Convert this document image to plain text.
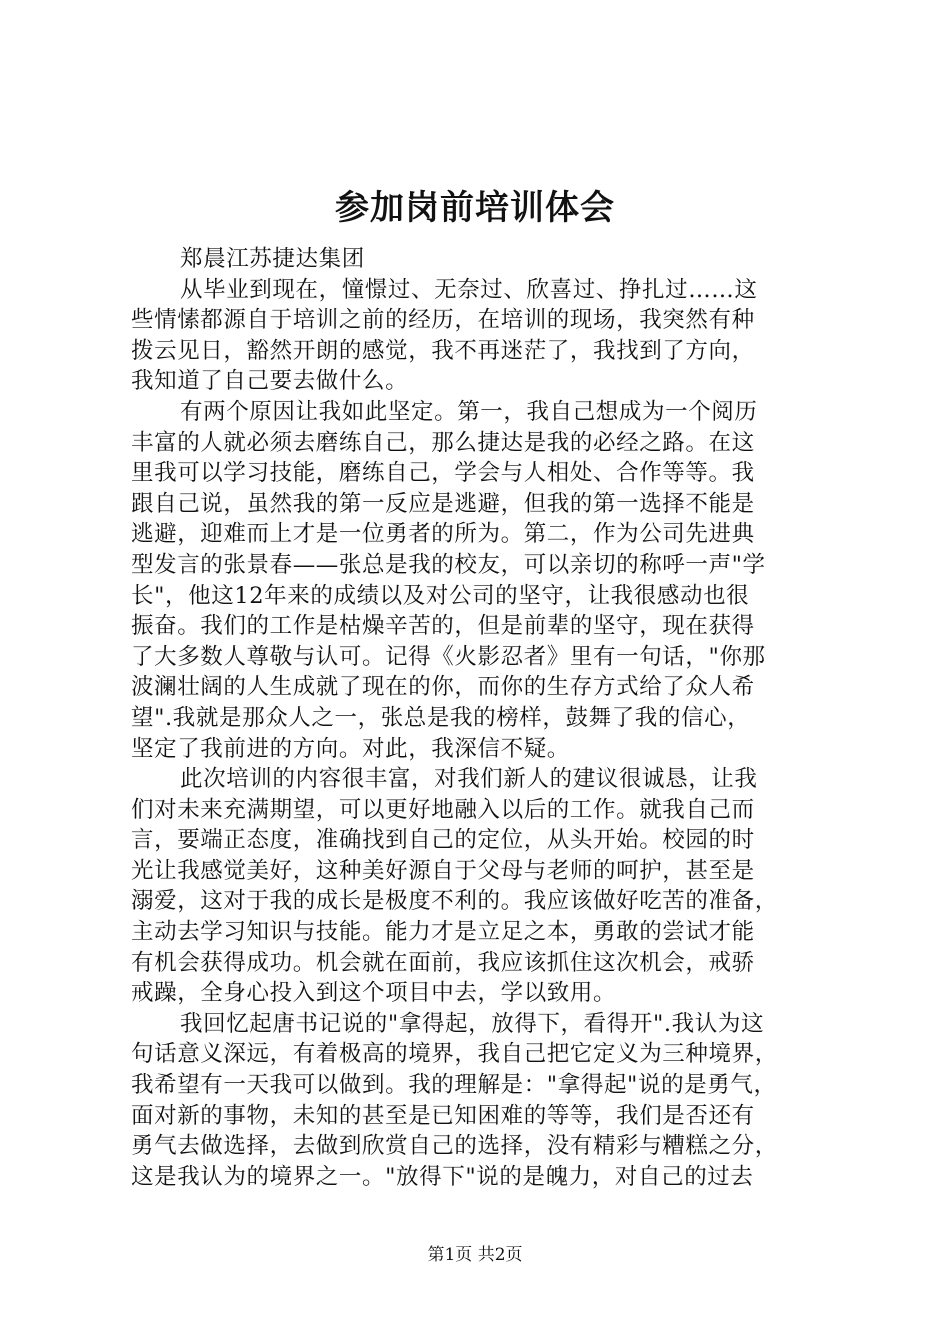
参加岗前培训体会
郑晨江苏捷达集团
从毕业到现在，憧憬过、无奈过、欣喜过、挣扎过……这
些情愫都源自于培训之前的经历，在培训的现场，我突然有种
拨云见日，豁然开朗的感觉，我不再迷茫了，我找到了方向，
我知道了自己要去做什么。
有两个原因让我如此坚定。第一，我自己想成为一个阅历
丰富的人就必须去磨练自己，那么捷达是我的必经之路。在这
里我可以学习技能，磨练自己，学会与人相处、合作等等。我
跟自己说，虽然我的第一反应是逃避，但我的第一选择不能是
逃避，迎难而上才是一位勇者的所为。第二，作为公司先进典
型发言的张景春——张总是我的校友，可以亲切的称呼一声"学
长"，他这12年来的成绩以及对公司的坚守，让我很感动也很
振奋。我们的工作是枯燥辛苦的，但是前辈的坚守，现在获得
了大多数人尊敬与认可。记得《火影忍者》里有一句话，"你那
波澜壮阔的人生成就了现在的你，而你的生存方式给了众人希
望".我就是那众人之一，张总是我的榜样，鼓舞了我的信心，
坚定了我前进的方向。对此，我深信不疑。
此次培训的内容很丰富，对我们新人的建议很诚恳，让我
们对未来充满期望，可以更好地融入以后的工作。就我自己而
言，要端正态度，准确找到自己的定位，从头开始。校园的时
光让我感觉美好，这种美好源自于父母与老师的呵护，甚至是
溺爱，这对于我的成长是极度不利的。我应该做好吃苦的准备，
主动去学习知识与技能。能力才是立足之本，勇敢的尝试才能
有机会获得成功。机会就在面前，我应该抓住这次机会，戒骄
戒躁，全身心投入到这个项目中去，学以致用。
我回忆起唐书记说的"拿得起，放得下，看得开".我认为这
句话意义深远，有着极高的境界，我自己把它定义为三种境界，
我希望有一天我可以做到。我的理解是："拿得起"说的是勇气，
面对新的事物，未知的甚至是已知困难的等等，我们是否还有
勇气去做选择，去做到欣赏自己的选择，没有精彩与糟糕之分，
这是我认为的境界之一。"放得下"说的是魄力，对自己的过去
第1页 共2页
